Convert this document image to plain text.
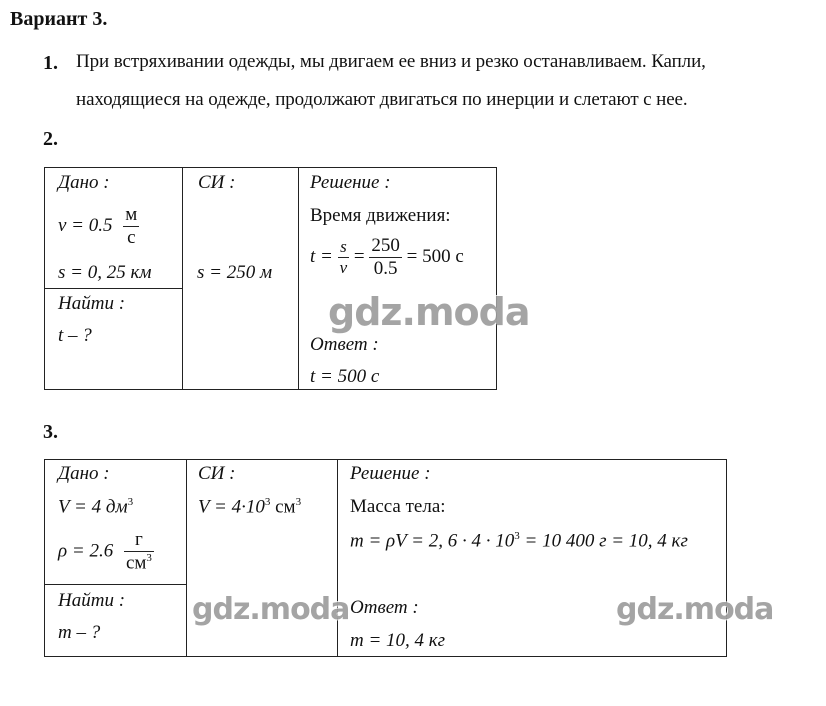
Вариант 3.
1. При встряхивании одежды, мы двигаем ее вниз и резко останавливаем. Капли,
находящиеся на одежде, продолжают двигаться по инерции и слетают с нее.
2.
Дано :
$v = 0.5 \frac{м}{с}$
s = 0, 25 км
Найти :
t – ?
СИ :
s = 250 м
Решение :
Время движения:
$t = \frac{s}{v} = \frac{250}{0.5} = 500$ с
Ответ :
t = 500 с
3.
Дано :
V = 4 $дм^3$
$\rho = 2.6 \frac{г}{см^3}$
Найти :
m – ?
СИ :
$V = 4\cdot 10^3$ $см^3$
Решение :
Масса тела:
m = ρV = 2, $6 \cdot 4 \cdot 10^3 = 10$ 400 г = 10, 4 кг
Ответ :
m = 10, 4 кг
gdz.moda
gdz.moda	gdz.moda
